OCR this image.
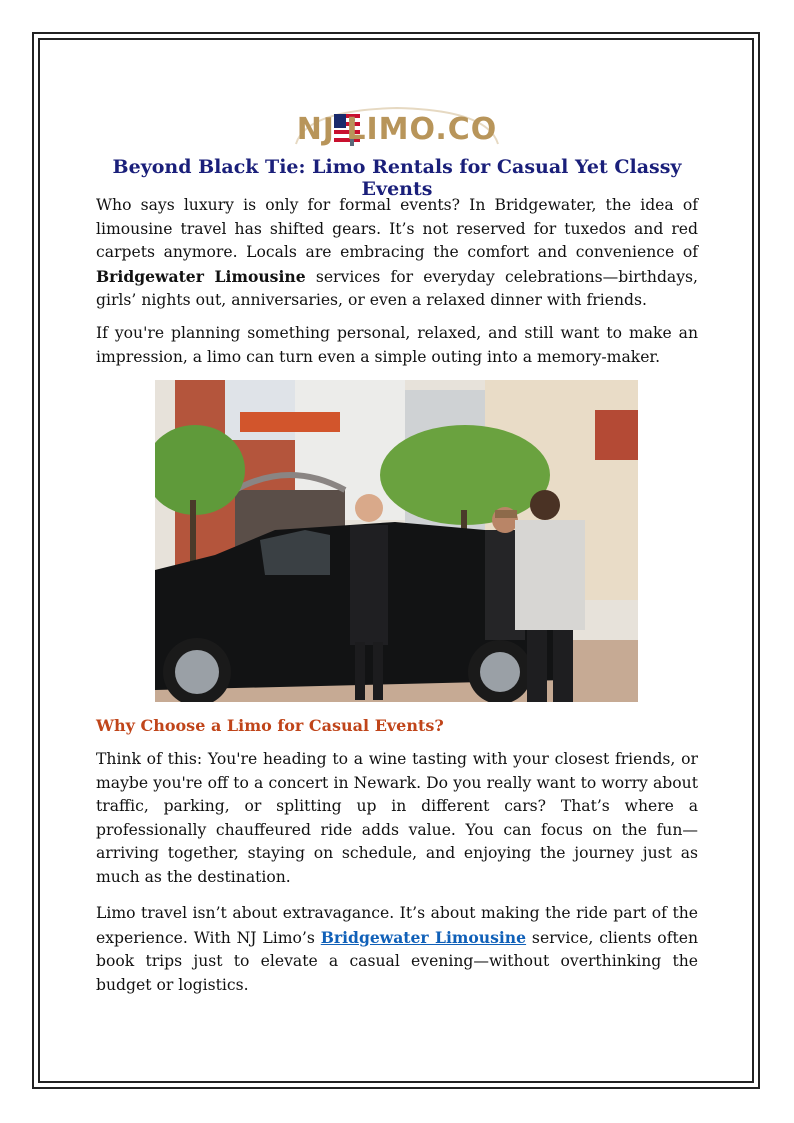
NJ LIMO.CO
Beyond Black Tie: Limo Rentals for Casual Yet Classy Events

Who says luxury is only for formal events? In Bridgewater, the idea of limousine travel has shifted gears. It’s not reserved for tuxedos and red carpets anymore. Locals are embracing the comfort and convenience of Bridgewater Limousine services for everyday celebrations—birthdays, girls’ nights out, anniversaries, or even a relaxed dinner with friends.

If you're planning something personal, relaxed, and still want to make an impression, a limo can turn even a simple outing into a memory-maker.

Why Choose a Limo for Casual Events?

Think of this: You're heading to a wine tasting with your closest friends, or maybe you're off to a concert in Newark. Do you really want to worry about traffic, parking, or splitting up in different cars? That’s where a professionally chauffeured ride adds value. You can focus on the fun—arriving together, staying on schedule, and enjoying the journey just as much as the destination.

Limo travel isn’t about extravagance. It’s about making the ride part of the experience. With NJ Limo’s Bridgewater Limousine service, clients often book trips just to elevate a casual evening—without overthinking the budget or logistics.
